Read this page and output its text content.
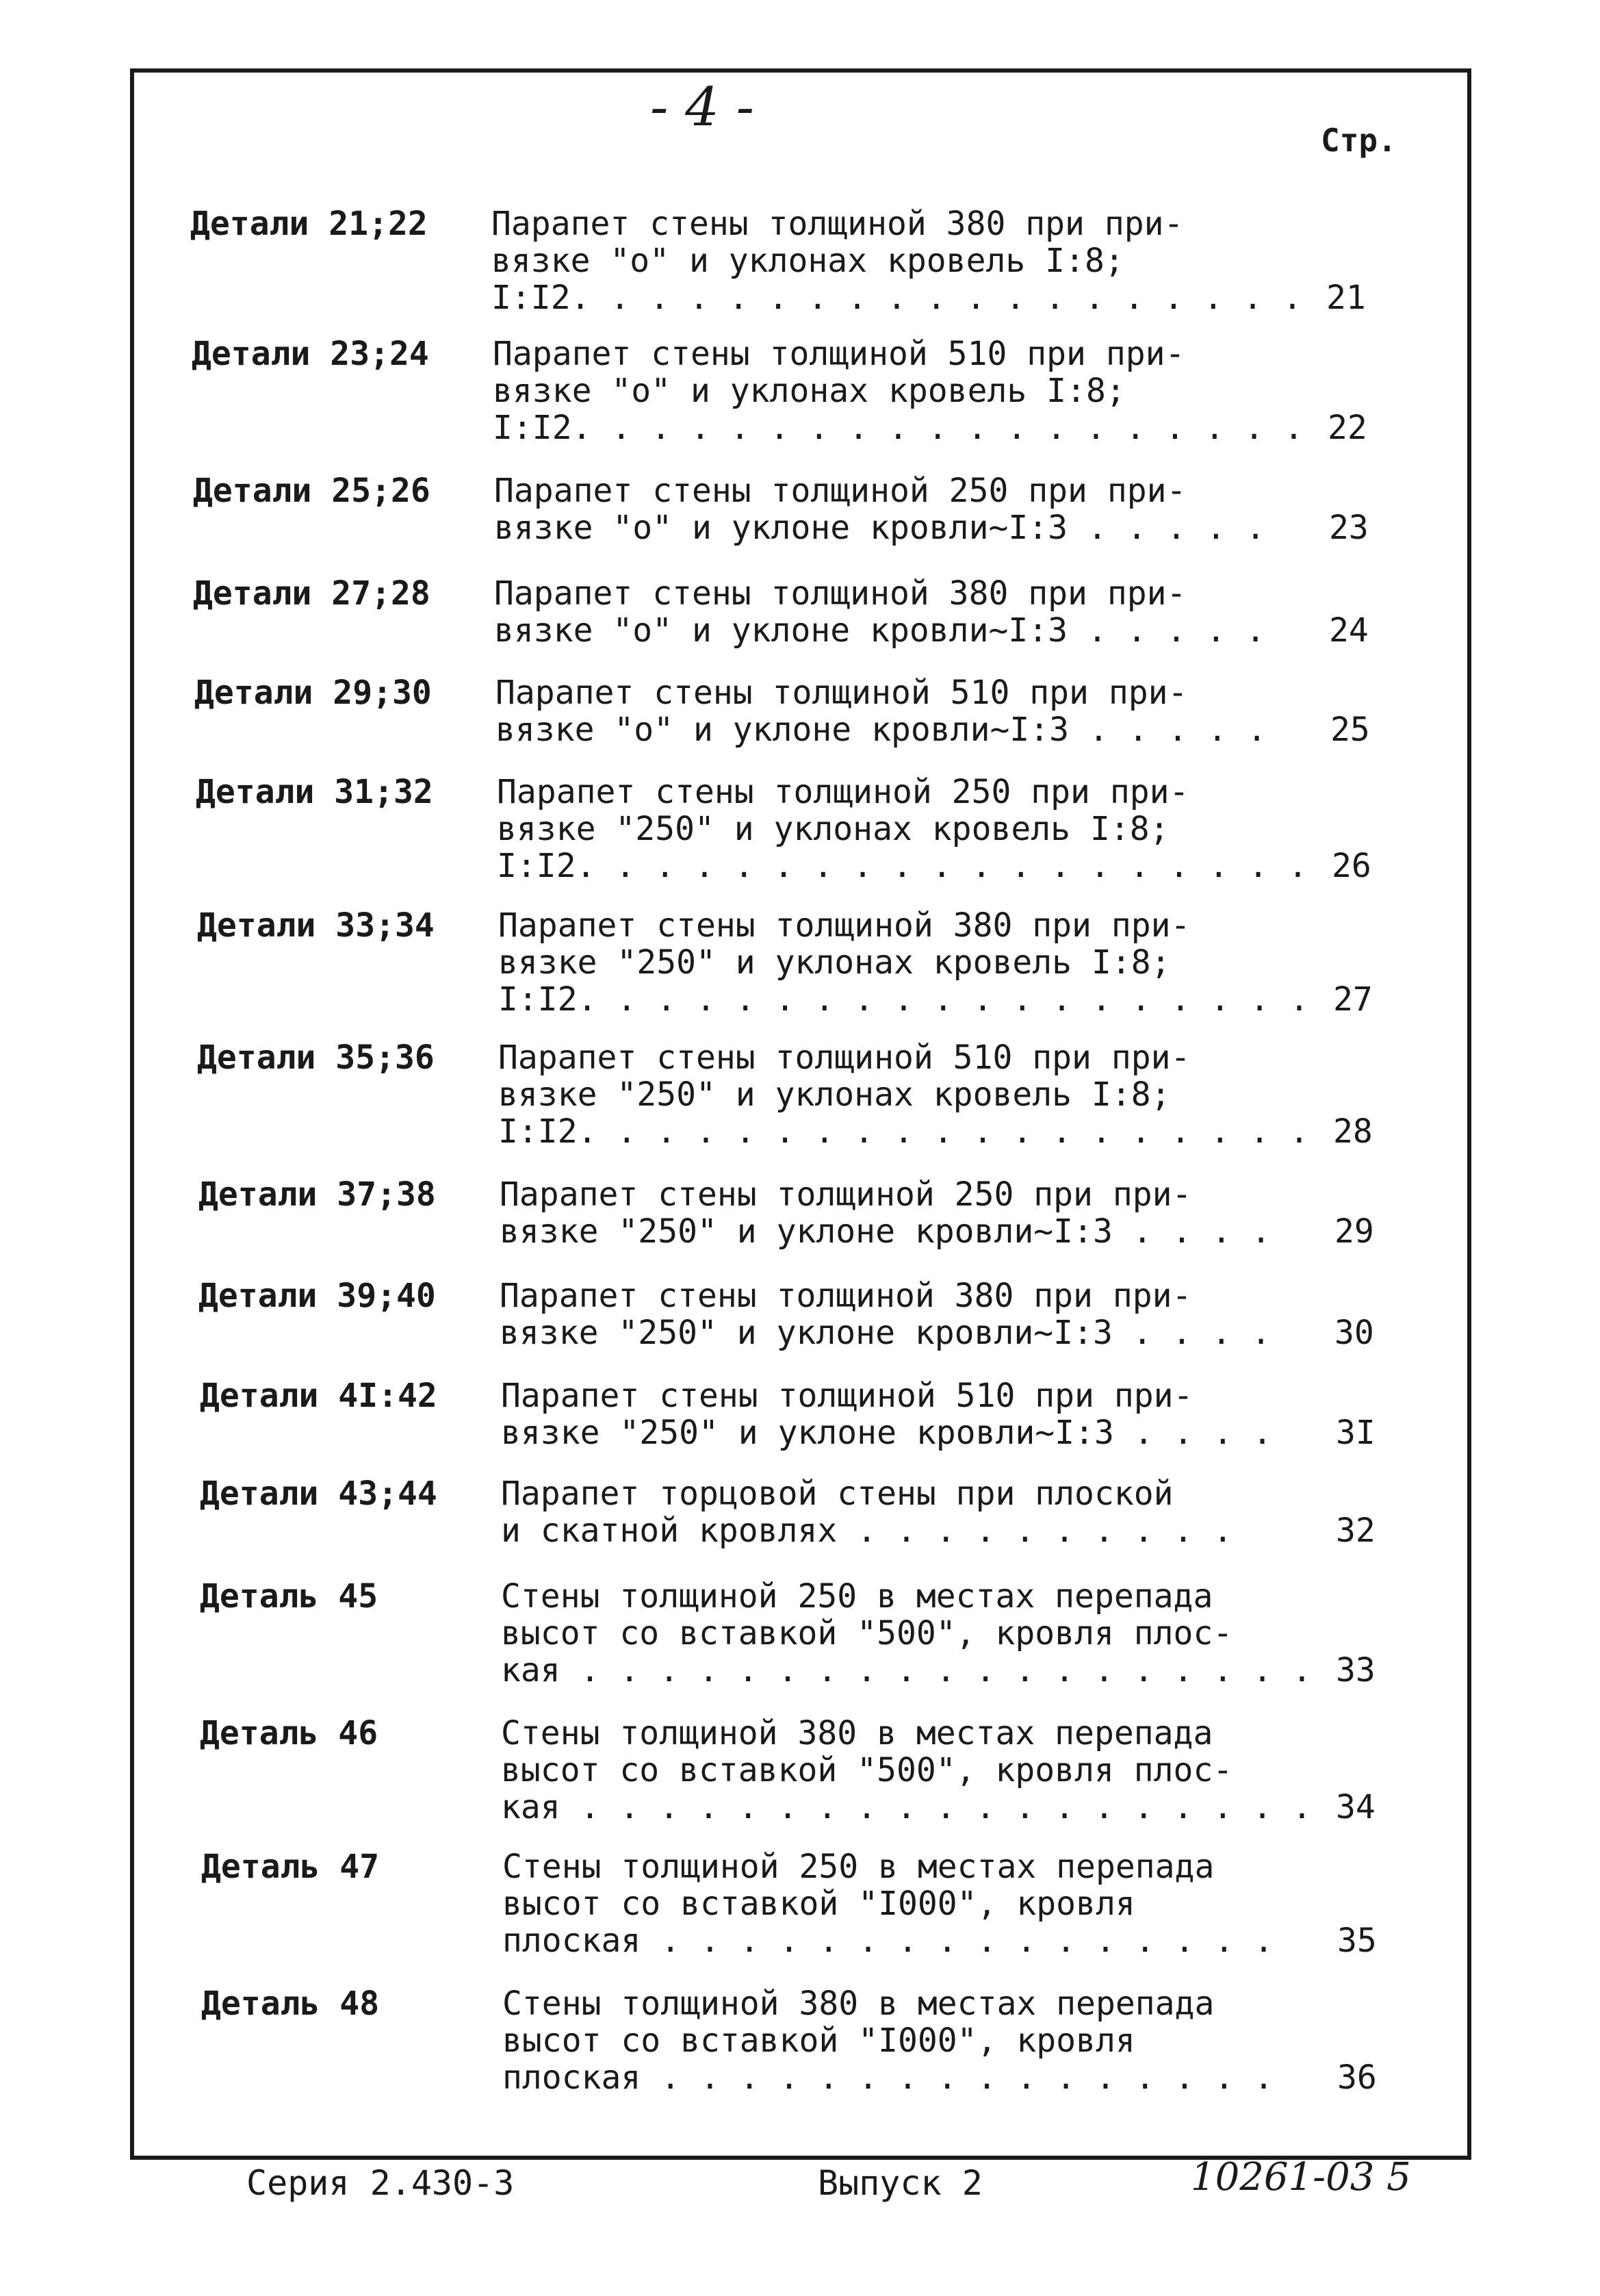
- 4 -
Стр.
Детали 21;22 Парапет стены толщиной 380 при при-
вязке "о" и уклонах кровель I:8;
I:I2. . . . . . . . . . . . . . . . . . . 21
Детали 23;24 Парапет стены толщиной 510 при при-
вязке "о" и уклонах кровель I:8;
I:I2. . . . . . . . . . . . . . . . . . . 22
Детали 25;26 Парапет стены толщиной 250 при при-
вязке "о" и уклоне кровли~I:3 . . . . .	23
Детали 27;28 Парапет стены толщиной 380 при при-
вязке "о" и уклоне кровли~I:3 . . . . .	24
Детали 29;30 Парапет стены толщиной 510 при при-
вязке "о" и уклоне кровли~I:3 . . . . .	25
Детали 31;32 Парапет стены толщиной 250 при при-
вязке "250" и уклонах кровель I:8;
I:I2. . . . . . . . . . . . . . . . . . . 26
Детали 33;34 Парапет стены толщиной 380 при при-
вязке "250" и уклонах кровель I:8;
I:I2. . . . . . . . . . . . . . . . . . . 27
Детали 35;36 Парапет стены толщиной 510 при при-
вязке "250" и уклонах кровель I:8;
I:I2. . . . . . . . . . . . . . . . . . . 28
Детали 37;38 Парапет стены толщиной 250 при при-
вязке "250" и уклоне кровли~I:3 . . . .	29
Детали 39;40 Парапет стены толщиной 380 при при-
вязке "250" и уклоне кровли~I:3 . . . .	30
Детали 4I:42 Парапет стены толщиной 510 при при-
вязке "250" и уклоне кровли~I:3 . . . .	3I
Детали 43;44 Парапет торцовой стены при плоской
и скатной кровлях . . . . . . . . . .	32
Деталь 45	Стены толщиной 250 в местах перепада
высот со вставкой "500", кровля плос-
кая . . . . . . . . . . . . . . . . . . . 33
Деталь 46	Стены толщиной 380 в местах перепада
высот со вставкой "500", кровля плос-
кая . . . . . . . . . . . . . . . . . . . 34
Деталь 47	Стены толщиной 250 в местах перепада
высот со вставкой "I000", кровля
плоская . . . . . . . . . . . . . . . .	35
Деталь 48	Стены толщиной 380 в местах перепада
высот со вставкой "I000", кровля
плоская . . . . . . . . . . . . . . . .	36
Серия 2.430-3	Выпуск 2	10261-03 5
